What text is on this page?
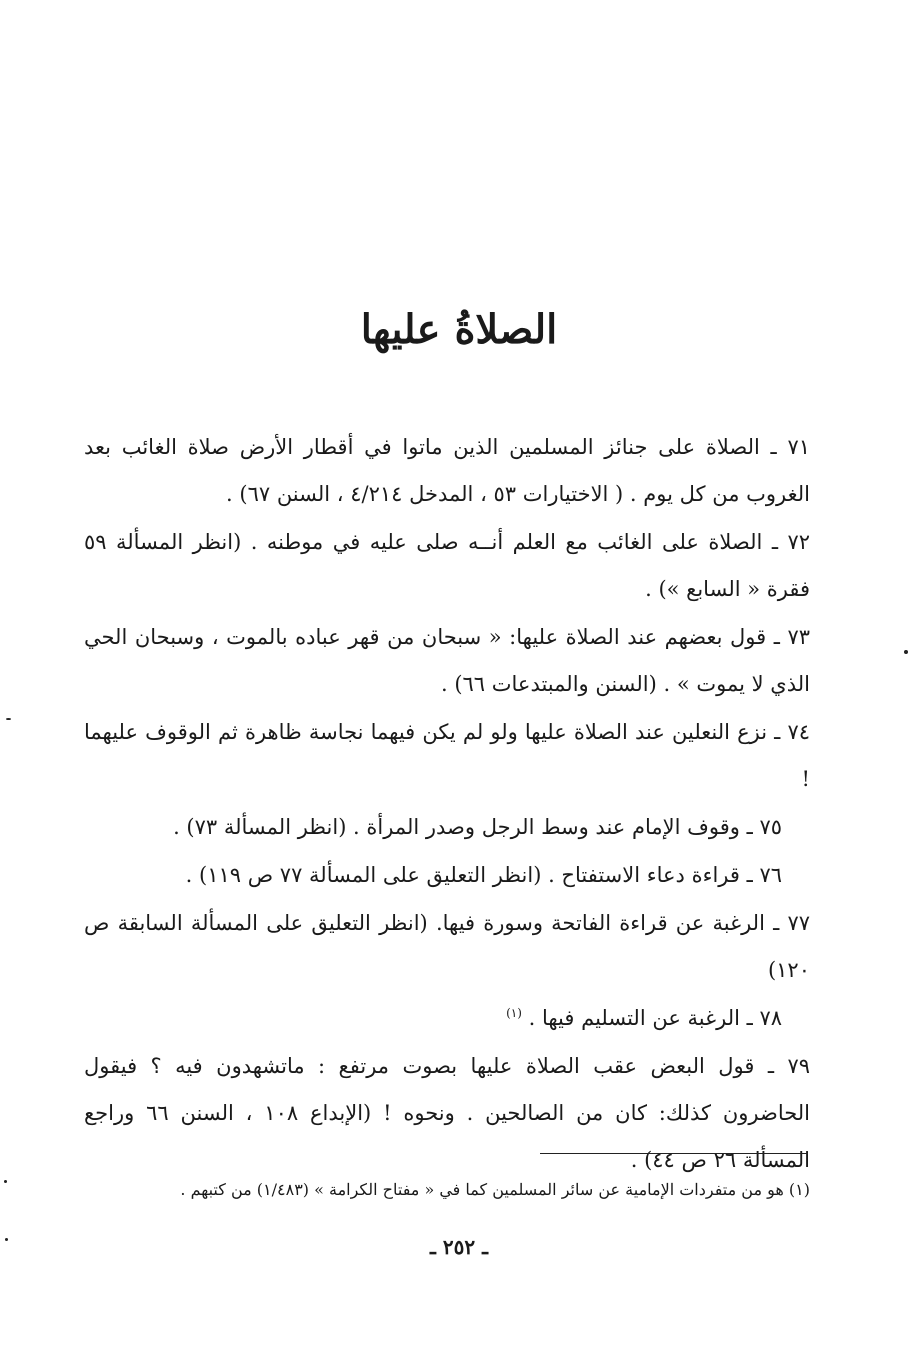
الصلاةُ عليها

٧١ ـ الصلاة على جنائز المسلمين الذين ماتوا في أقطار الأرض صلاة الغائب بعد الغروب من كل يوم . ( الاختيارات ٥٣ ، المدخل ٤/٢١٤ ، السنن ٦٧) .

٧٢ ـ الصلاة على الغائب مع العلم أنــه صلى عليه في موطنه . (انظر المسألة ٥٩ فقرة « السابع ») .

٧٣ ـ قول بعضهم عند الصلاة عليها: « سبحان من قهر عباده بالموت ، وسبحان الحي الذي لا يموت » . (السنن والمبتدعات ٦٦) .

٧٤ ـ نزع النعلين عند الصلاة عليها ولو لم يكن فيهما نجاسة ظاهرة ثم الوقوف عليهما !

٧٥ ـ وقوف الإمام عند وسط الرجل وصدر المرأة . (انظر المسألة ٧٣) .

٧٦ ـ قراءة دعاء الاستفتاح . (انظر التعليق على المسألة ٧٧ ص ١١٩) .

٧٧ ـ الرغبة عن قراءة الفاتحة وسورة فيها. (انظر التعليق على المسألة السابقة ص ١٢٠)

٧٨ ـ الرغبة عن التسليم فيها . $^{(١)}$

٧٩ ـ قول البعض عقب الصلاة عليها بصوت مرتفع : ماتشهدون فيه ؟ فيقول الحاضرون كذلك: كان من الصالحين . ونحوه ! (الإبداع ١٠٨ ، السنن ٦٦ وراجع المسألة ٢٦ ص ٤٤) .

(١) هو من متفردات الإمامية عن سائر المسلمين كما في « مفتاح الكرامة » (١/٤٨٣) من كتبهم .
ـ ٢٥٢ ـ
